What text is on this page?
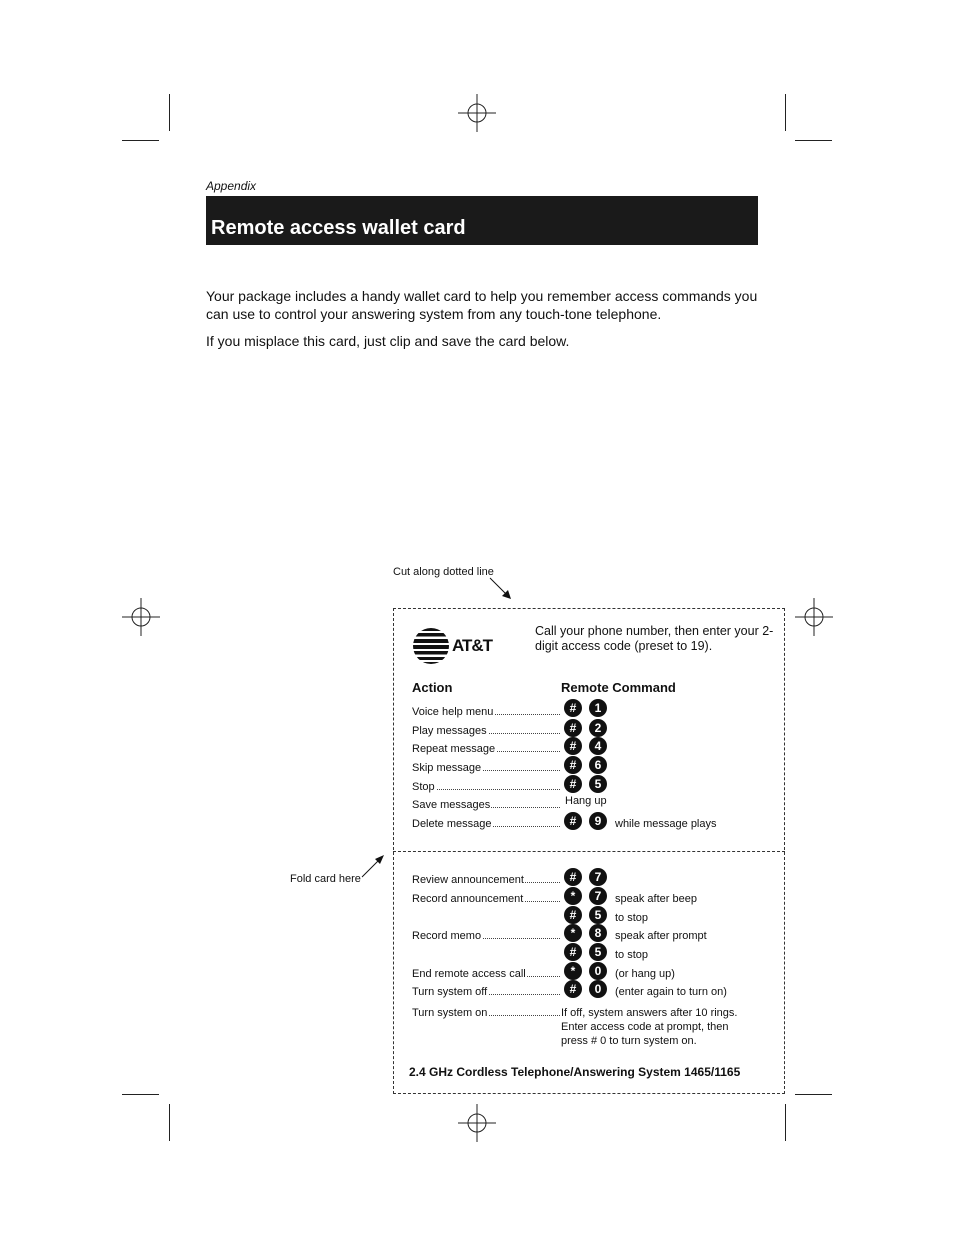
Appendix
Remote access wallet card
Your package includes a handy wallet card to help you remember access commands you can use to control your answering system from any touch-tone telephone.
If you misplace this card, just clip and save the card below.
Cut along dotted line
Fold card here
AT&T
Call your phone number, then enter your 2-digit access code (preset to 19).
Action	Remote Command
Voice help menu	#	1
Play messages	#	2
Repeat message	#	4
Skip message	#	6
Stop	#	5
Save messages	Hang up
Delete message	#	9	while message plays
Review announcement	#	7
Record announcement	*	7	speak after beep
#	5	to stop
Record memo	*	8	speak after prompt
#	5	to stop
End remote access call	*	0	(or hang up)
Turn system off	#	0	(enter again to turn on)
Turn system on	If off, system answers after 10 rings.
Enter access code at prompt, then
press # 0 to turn system on.
2.4 GHz Cordless Telephone/Answering System 1465/1165
